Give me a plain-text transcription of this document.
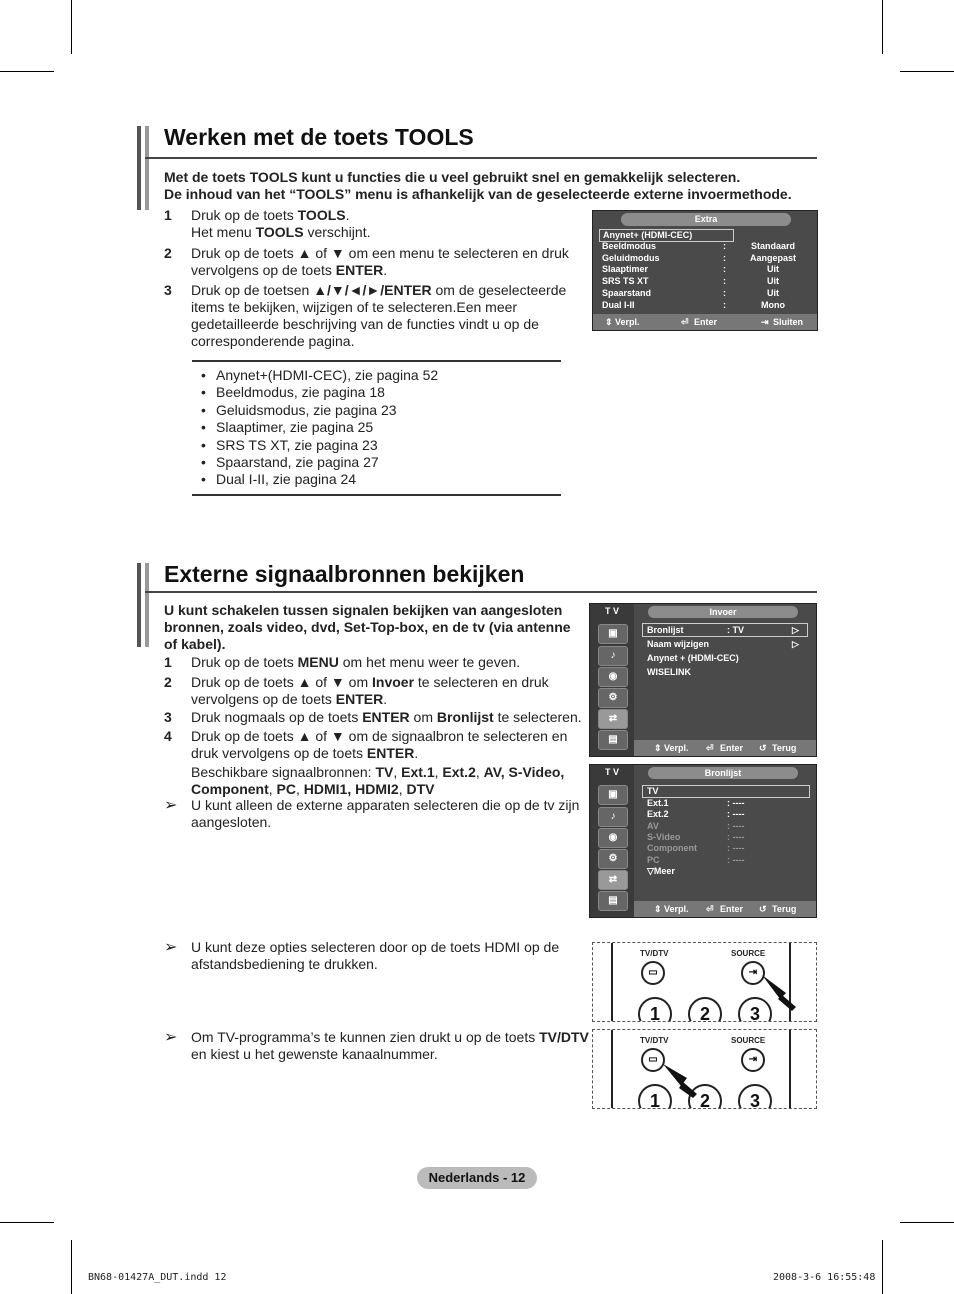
Werken met de toets TOOLS
Met de toets TOOLS kunt u functies die u veel gebruikt snel en gemakkelijk selecteren.
De inhoud van het “TOOLS” menu is afhankelijk van de geselecteerde externe invoermethode.
1 Druk op de toets TOOLS.
Het menu TOOLS verschijnt.
2 Druk op de toets ▲ of ▼ om een menu te selecteren en druk
vervolgens op de toets ENTER.
3 Druk op de toetsen ▲/▼/◄/►/ENTER om de geselecteerde
items te bekijken, wijzigen of te selecteren.Een meer
gedetailleerde beschrijving van de functies vindt u op de
corresponderende pagina.
Extra
Anynet+ (HDMI-CEC)
Beeldmodus	:	Standaard
Geluidmodus	:	Aangepast
Slaaptimer	:	Uit
SRS TS XT	:	Uit
Spaarstand	:	Uit
Dual I-II	:	Mono
⇕ Verpl.	⏎ Enter	⇥ Sluiten
• Anynet+(HDMI-CEC), zie pagina 52
• Beeldmodus, zie pagina 18
• Geluidsmodus, zie pagina 23
• Slaaptimer, zie pagina 25
• SRS TS XT, zie pagina 23
• Spaarstand, zie pagina 27
• Dual I-II, zie pagina 24
Externe signaalbronnen bekijken
U kunt schakelen tussen signalen bekijken van aangesloten
bronnen, zoals video, dvd, Set-Top-box, en de tv (via antenne
of kabel).
1 Druk op de toets MENU om het menu weer te geven.
2 Druk op de toets ▲ of ▼ om Invoer te selecteren en druk
vervolgens op de toets ENTER.
3 Druk nogmaals op de toets ENTER om Bronlijst te selecteren.
4 Druk op de toets ▲ of ▼ om de signaalbron te selecteren en
druk vervolgens op de toets ENTER.
Beschikbare signaalbronnen: TV, Ext.1, Ext.2, AV, S-Video,
Component, PC, HDMI1, HDMI2, DTV
➢ U kunt alleen de externe apparaten selecteren die op de tv zijn
aangesloten.
T V
▣
♪
◉
⚙
⇄
▤
Invoer
Bronlijst	: TV	▷
Naam wijzigen	▷
Anynet + (HDMI-CEC)
WISELINK
⇕ Verpl. ⏎ Enter ↺ Terug
T V
▣
♪
◉
⚙
⇄
▤
Bronlijst
TV
Ext.1	: ----
Ext.2	: ----
AV	: ----
S-Video	: ----
Component	: ----
PC	: ----
▽Meer
⇕ Verpl. ⏎ Enter ↺ Terug
➢ U kunt deze opties selecteren door op de toets HDMI op de
afstandsbediening te drukken.
TV/DTV	SOURCE
▭	⇥
1	2	3
➢ Om TV-programma’s te kunnen zien drukt u op de toets TV/DTV
en kiest u het gewenste kanaalnummer.
TV/DTV	SOURCE
▭	⇥
1	2	3
Nederlands - 12
BN68-01427A_DUT.indd 12	2008-3-6 16:55:48
